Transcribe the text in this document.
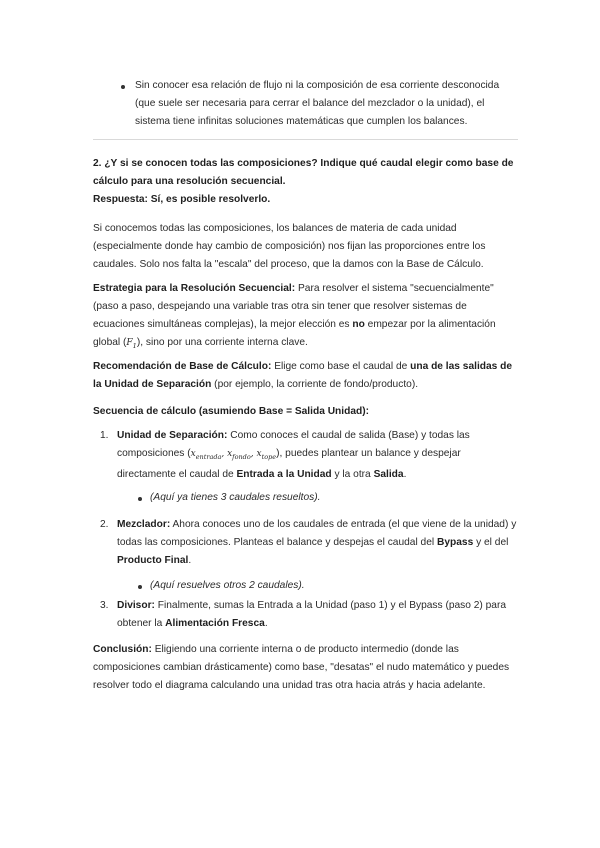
Sin conocer esa relación de flujo ni la composición de esa corriente desconocida (que suele ser necesaria para cerrar el balance del mezclador o la unidad), el sistema tiene infinitas soluciones matemáticas que cumplen los balances.

2. ¿Y si se conocen todas las composiciones? Indique qué caudal elegir como base de cálculo para una resolución secuencial.

Respuesta: Sí, es posible resolverlo.

Si conocemos todas las composiciones, los balances de materia de cada unidad (especialmente donde hay cambio de composición) nos fijan las proporciones entre los caudales. Solo nos falta la "escala" del proceso, que la damos con la Base de Cálculo.

Estrategia para la Resolución Secuencial: Para resolver el sistema "secuencialmente" (paso a paso, despejando una variable tras otra sin tener que resolver sistemas de ecuaciones simultáneas complejas), la mejor elección es no empezar por la alimentación global $(F_1)$, sino por una corriente interna clave.

Recomendación de Base de Cálculo: Elige como base el caudal de una de las salidas de la Unidad de Separación (por ejemplo, la corriente de fondo/producto).

Secuencia de cálculo (asumiendo Base = Salida Unidad):

1. Unidad de Separación: Como conoces el caudal de salida (Base) y todas las composiciones ($x_{entrada}$, $x_{fondo}$, $x_{tope}$), puedes plantear un balance y despejar directamente el caudal de Entrada a la Unidad y la otra Salida.

(Aquí ya tienes 3 caudales resueltos).

2. Mezclador: Ahora conoces uno de los caudales de entrada (el que viene de la unidad) y todas las composiciones. Planteas el balance y despejas el caudal del Bypass y el del Producto Final.

(Aquí resuelves otros 2 caudales).

3. Divisor: Finalmente, sumas la Entrada a la Unidad (paso 1) y el Bypass (paso 2) para obtener la Alimentación Fresca.

Conclusión: Eligiendo una corriente interna o de producto intermedio (donde las composiciones cambian drásticamente) como base, "desatas" el nudo matemático y puedes resolver todo el diagrama calculando una unidad tras otra hacia atrás y hacia adelante.
